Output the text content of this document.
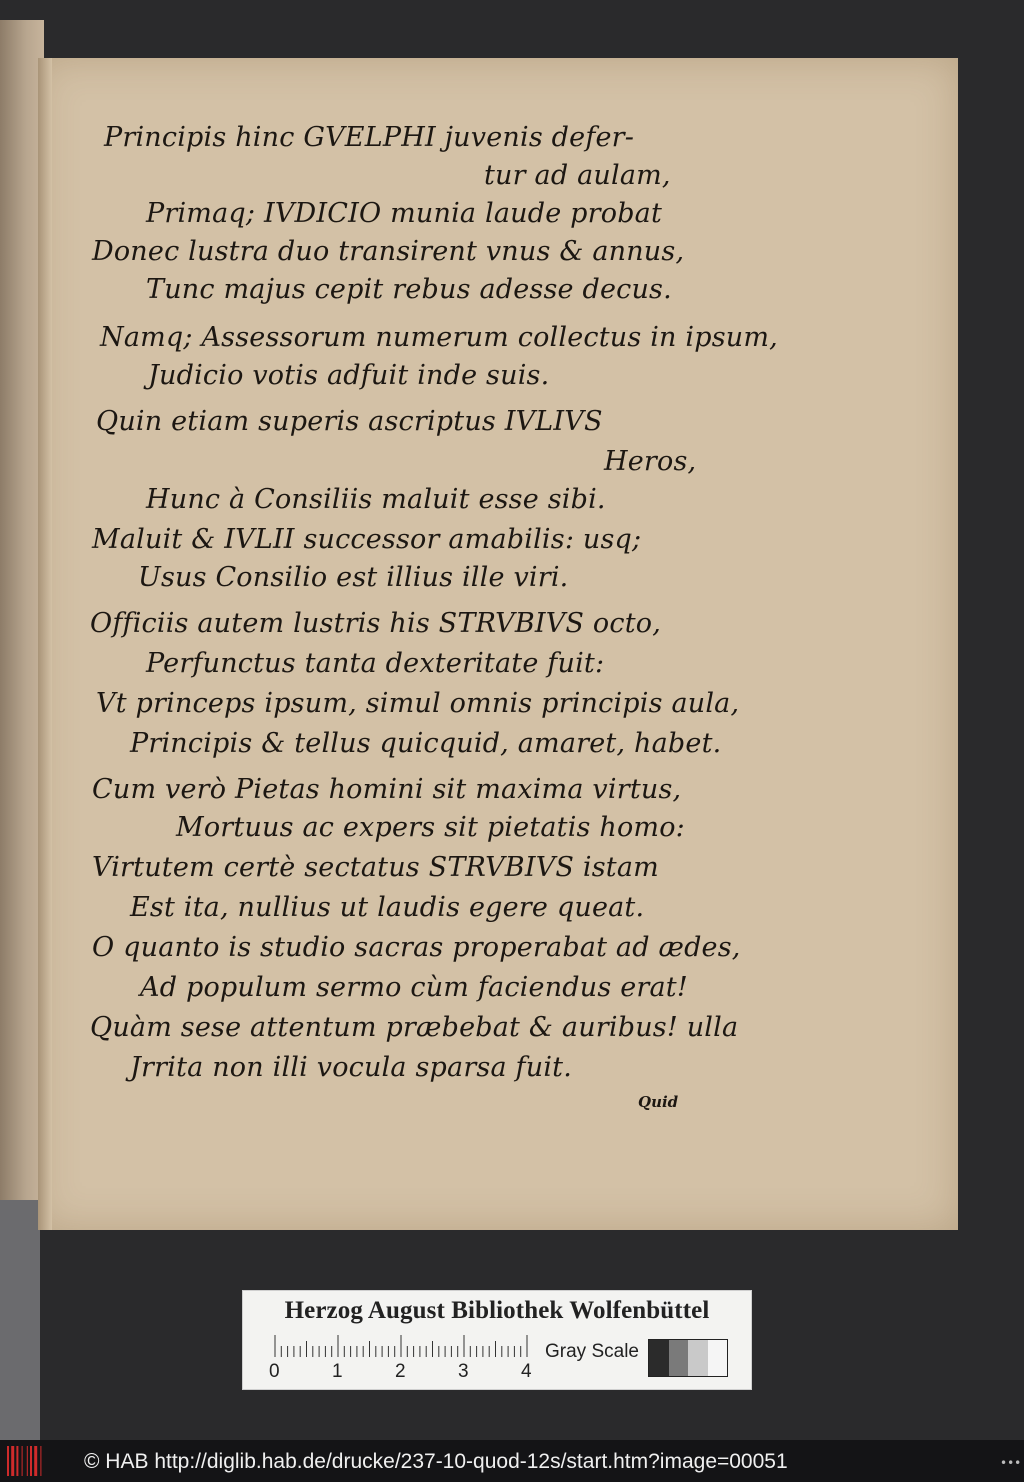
Principis hinc GVELPHI juvenis defer-
tur ad aulam,
Primaq; IVDICIO munia laude probat
Donec lustra duo transirent vnus & annus,
Tunc majus cepit rebus adesse decus.
Namq; Assessorum numerum collectus in ipsum,
Judicio votis adfuit inde suis.
Quin etiam superis ascriptus IVLIVS
Heros,
Hunc à Consiliis maluit esse sibi.
Maluit & IVLII successor amabilis: usq;
Usus Consilio est illius ille viri.
Officiis autem lustris his STRVBIVS octo,
Perfunctus tanta dexteritate fuit:
Vt princeps ipsum, simul omnis principis aula,
Principis & tellus quicquid, amaret, habet.
Cum verò Pietas homini sit maxima virtus,
Mortuus ac expers sit pietatis homo:
Virtutem certè sectatus STRVBIVS istam
Est ita, nullius ut laudis egere queat.
O quanto is studio sacras properabat ad ædes,
Ad populum sermo cùm faciendus erat!
Quàm sese attentum præbebat & auribus! ulla
Jrrita non illi vocula sparsa fuit.
Quid
Herzog August Bibliothek Wolfenbüttel
0	1	2	3	4
Gray Scale
© HAB http://diglib.hab.de/drucke/237-10-quod-12s/start.htm?image=00051	•••
